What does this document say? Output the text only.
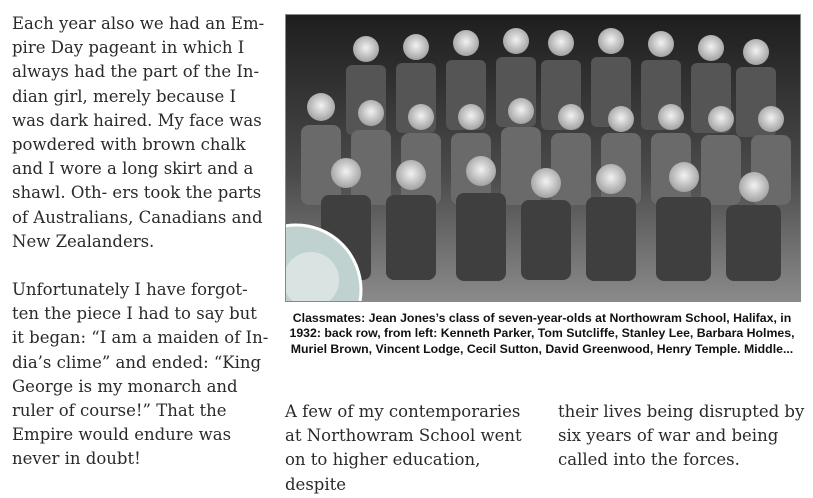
Each year also we had an Em- pire Day pageant in which I always had the part of the In- dian girl, merely because I was dark haired. My face was powdered with brown chalk and I wore a long skirt and a shawl. Oth- ers took the parts of Australians, Canadians and New Zealanders.

Unfortunately I have forgot- ten the piece I had to say but it began: “I am a maiden of In- dia’s clime” and ended: “King George is my monarch and ruler of course!” That the Empire would endure was never in doubt!

Classmates: Jean Jones’s class of seven-year-olds at Northowram School, Halifax, in 1932: back row, from left: Kenneth Parker, Tom Sutcliffe, Stanley Lee, Barbara Holmes, Muriel Brown, Vincent Lodge, Cecil Sutton, David Greenwood, Henry Temple. Middle...

A few of my contemporaries at Northowram School went on to higher education, despite

their lives being disrupted by six years of war and being called into the forces.
